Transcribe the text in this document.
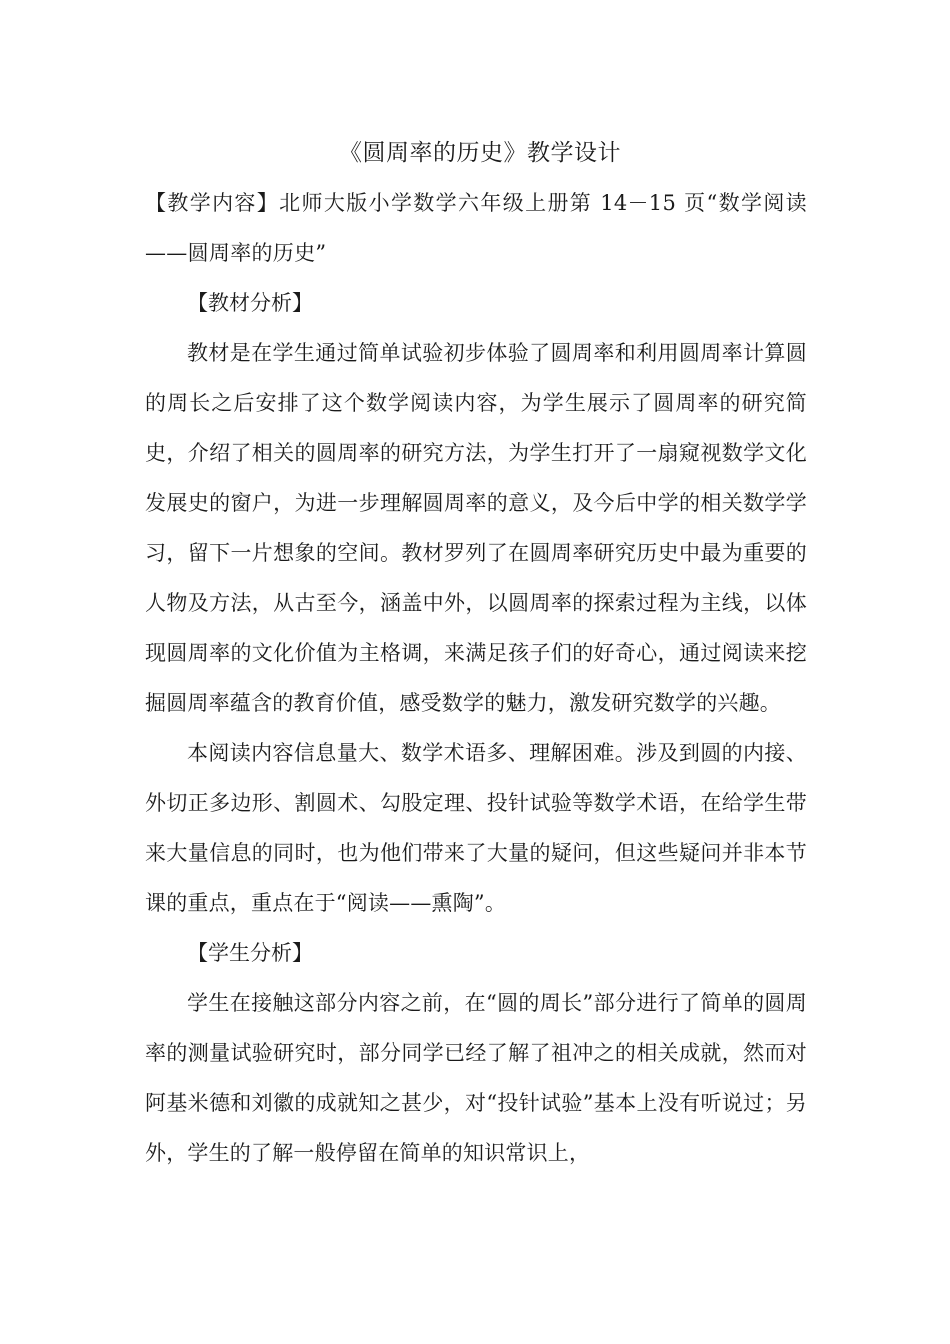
《圆周率的历史》教学设计

【教学内容】北师大版小学数学六年级上册第 14－15 页“数学阅读——圆周率的历史”

【教材分析】

教材是在学生通过简单试验初步体验了圆周率和利用圆周率计算圆的周长之后安排了这个数学阅读内容，为学生展示了圆周率的研究简史，介绍了相关的圆周率的研究方法，为学生打开了一扇窥视数学文化发展史的窗户，为进一步理解圆周率的意义，及今后中学的相关数学学习，留下一片想象的空间。教材罗列了在圆周率研究历史中最为重要的人物及方法，从古至今，涵盖中外，以圆周率的探索过程为主线，以体现圆周率的文化价值为主格调，来满足孩子们的好奇心，通过阅读来挖掘圆周率蕴含的教育价值，感受数学的魅力，激发研究数学的兴趣。

本阅读内容信息量大、数学术语多、理解困难。涉及到圆的内接、外切正多边形、割圆术、勾股定理、投针试验等数学术语，在给学生带来大量信息的同时，也为他们带来了大量的疑问，但这些疑问并非本节课的重点，重点在于“阅读——熏陶”。

【学生分析】

学生在接触这部分内容之前，在“圆的周长”部分进行了简单的圆周率的测量试验研究时，部分同学已经了解了祖冲之的相关成就，然而对阿基米德和刘徽的成就知之甚少，对“投针试验”基本上没有听说过；另外，学生的了解一般停留在简单的知识常识上，
